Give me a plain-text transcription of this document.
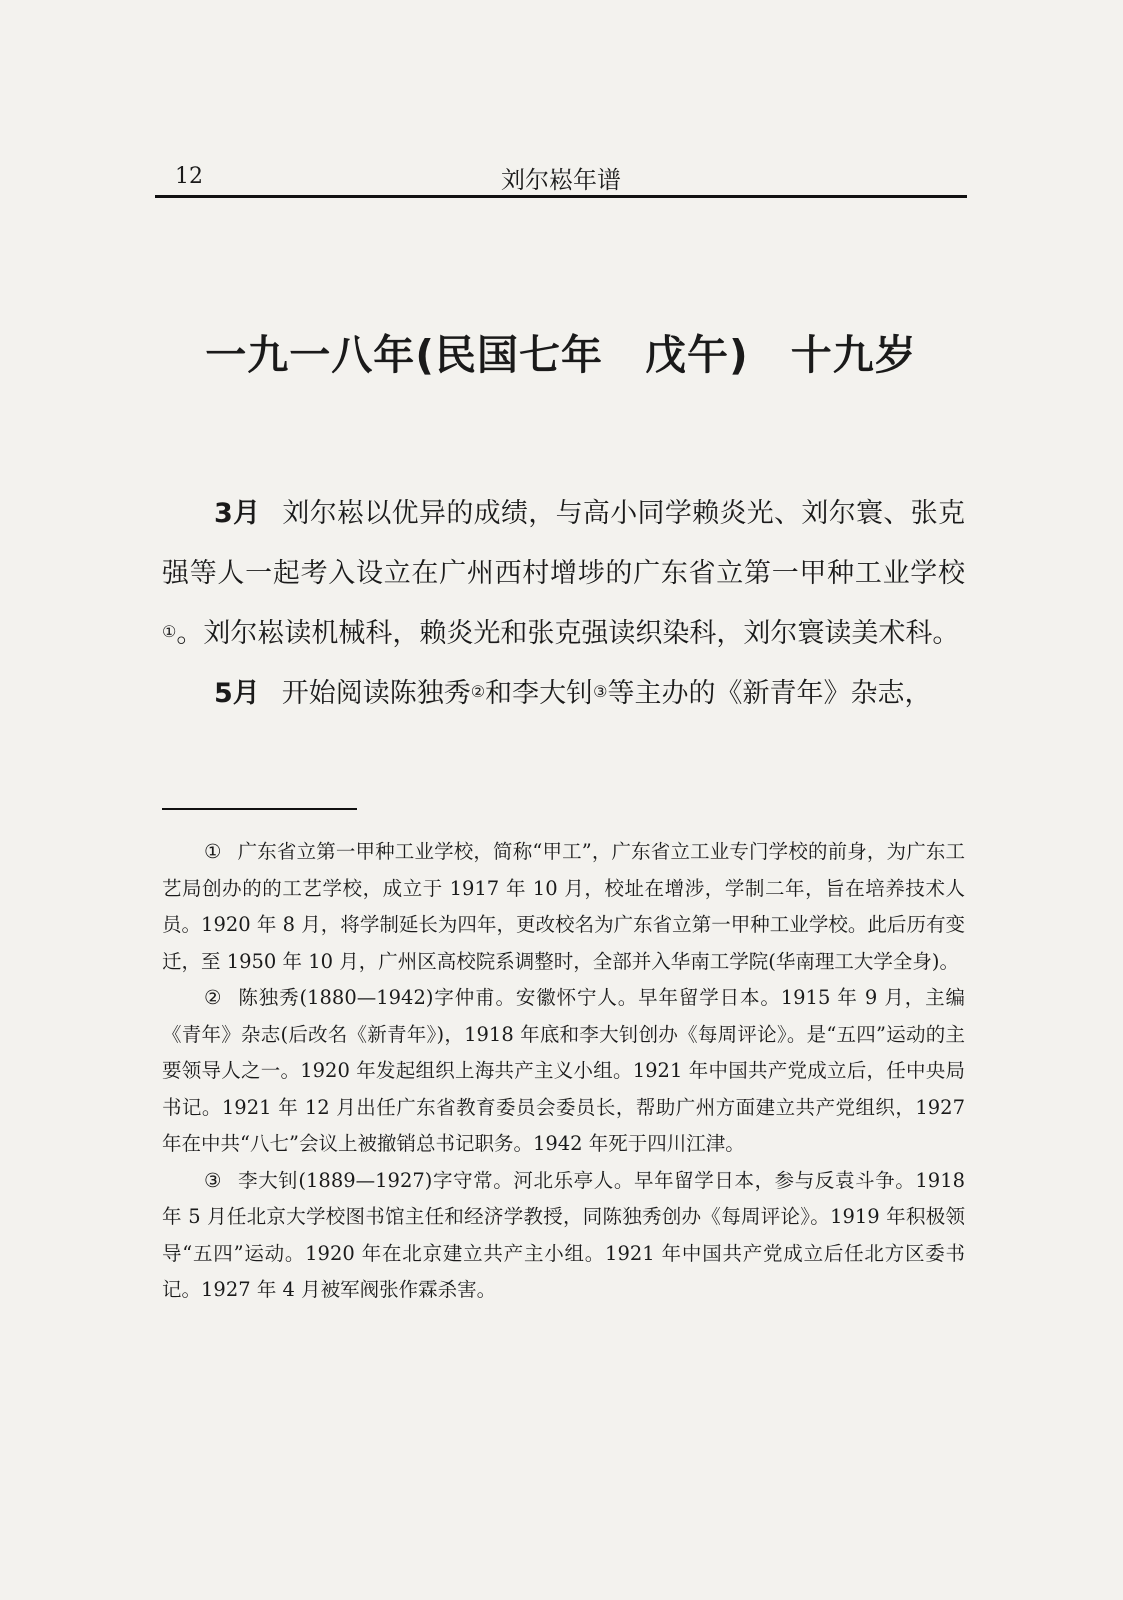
12	刘尔崧年谱
一九一八年(民国七年 戊午) 十九岁

3月 刘尔崧以优异的成绩，与高小同学赖炎光、刘尔寰、张克强等人一起考入设立在广州西村增埗的广东省立第一甲种工业学校①。刘尔崧读机械科，赖炎光和张克强读织染科，刘尔寰读美术科。

5月 开始阅读陈独秀②和李大钊③等主办的《新青年》杂志，

① 广东省立第一甲种工业学校，简称“甲工”，广东省立工业专门学校的前身，为广东工艺局创办的的工艺学校，成立于 1917 年 10 月，校址在增涉，学制二年，旨在培养技术人员。1920 年 8 月，将学制延长为四年，更改校名为广东省立第一甲种工业学校。此后历有变迁，至 1950 年 10 月，广州区高校院系调整时，全部并入华南工学院(华南理工大学全身)。

② 陈独秀(1880—1942)字仲甫。安徽怀宁人。早年留学日本。1915 年 9 月，主编《青年》杂志(后改名《新青年》)，1918 年底和李大钊创办《每周评论》。是“五四”运动的主要领导人之一。1920 年发起组织上海共产主义小组。1921 年中国共产党成立后，任中央局书记。1921 年 12 月出任广东省教育委员会委员长，帮助广州方面建立共产党组织，1927 年在中共“八七”会议上被撤销总书记职务。1942 年死于四川江津。

③ 李大钊(1889—1927)字守常。河北乐亭人。早年留学日本，参与反袁斗争。1918 年 5 月任北京大学校图书馆主任和经济学教授，同陈独秀创办《每周评论》。1919 年积极领导“五四”运动。1920 年在北京建立共产主小组。1921 年中国共产党成立后任北方区委书记。1927 年 4 月被军阀张作霖杀害。
